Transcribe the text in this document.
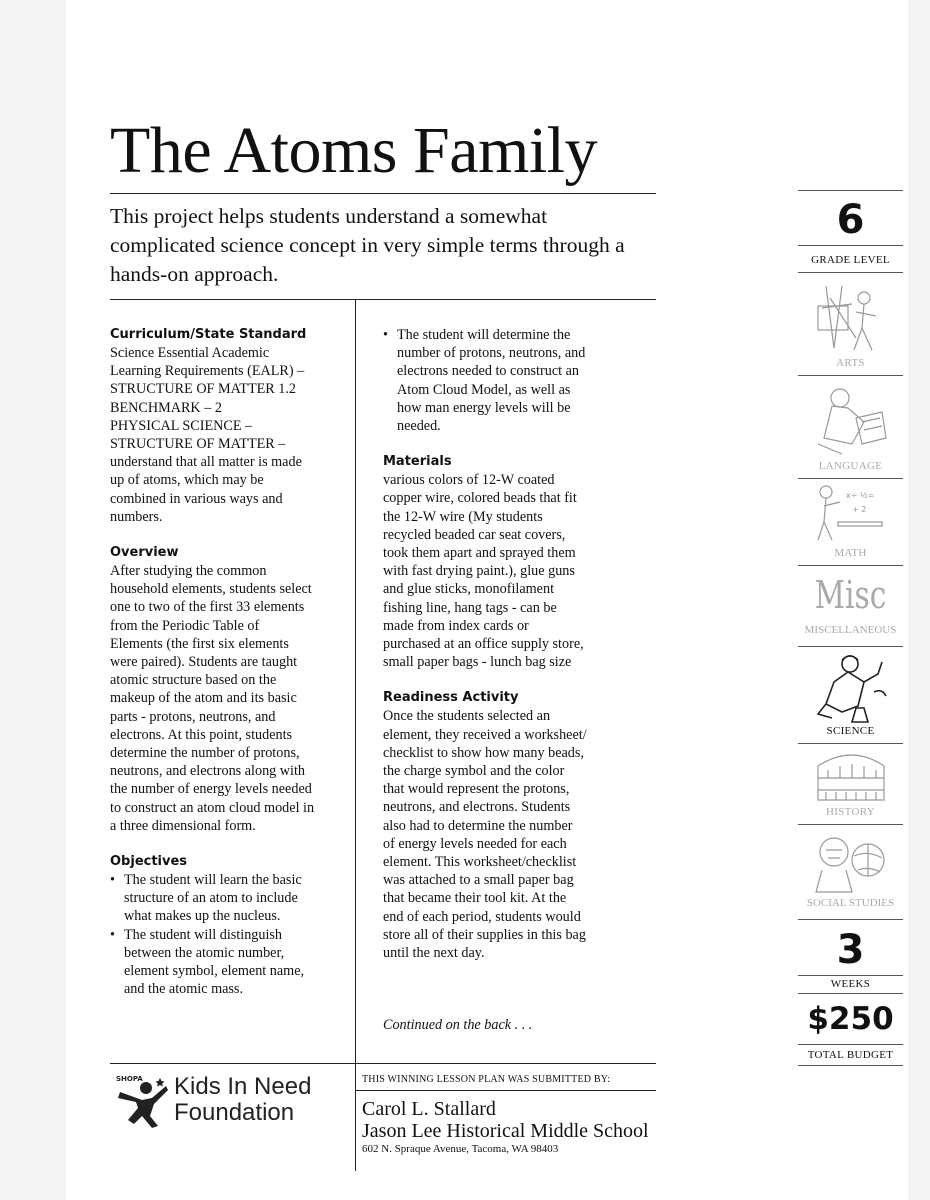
The Atoms Family
This project helps students understand a somewhat complicated science concept in very simple terms through a hands-on approach.

Curriculum/State Standard

Science Essential Academic

Learning Requirements (EALR) –

STRUCTURE OF MATTER 1.2

BENCHMARK – 2

PHYSICAL SCIENCE –

STRUCTURE OF MATTER –

understand that all matter is made

up of atoms, which may be

combined in various ways and

numbers.

Overview

After studying the common

household elements, students select

one to two of the first 33 elements

from the Periodic Table of

Elements (the first six elements

were paired). Students are taught

atomic structure based on the

makeup of the atom and its basic

parts - protons, neutrons, and

electrons. At this point, students

determine the number of protons,

neutrons, and electrons along with

the number of energy levels needed

to construct an atom cloud model in

a three dimensional form.

Objectives

• The student will learn the basic

structure of an atom to include

what makes up the nucleus.

• The student will distinguish

between the atomic number,

element symbol, element name,

and the atomic mass.

• The student will determine the

number of protons, neutrons, and

electrons needed to construct an

Atom Cloud Model, as well as

how man energy levels will be

needed.

Materials

various colors of 12-W coated

copper wire, colored beads that fit

the 12-W wire (My students

recycled beaded car seat covers,

took them apart and sprayed them

with fast drying paint.), glue guns

and glue sticks, monofilament

fishing line, hang tags - can be

made from index cards or

purchased at an office supply store,

small paper bags - lunch bag size

Readiness Activity

Once the students selected an

element, they received a worksheet/

checklist to show how many beads,

the charge symbol and the color

that would represent the protons,

neutrons, and electrons. Students

also had to determine the number

of energy levels needed for each

element. This worksheet/checklist

was attached to a small paper bag

that became their tool kit. At the

end of each period, students would

store all of their supplies in this bag

until the next day.

Continued on the back . . .
SHOPA Kids In Need
Foundation
THIS WINNING LESSON PLAN WAS SUBMITTED BY:
Carol L. Stallard
Jason Lee Historical Middle School
602 N. Spraque Avenue, Tacoma, WA 98403
6
GRADE LEVEL
ARTS
LANGUAGE
x÷ ½=
+ 2
MATH
Misc
MISCELLANEOUS
SCIENCE
HISTORY
SOCIAL STUDIES
3
WEEKS
$250
TOTAL BUDGET
